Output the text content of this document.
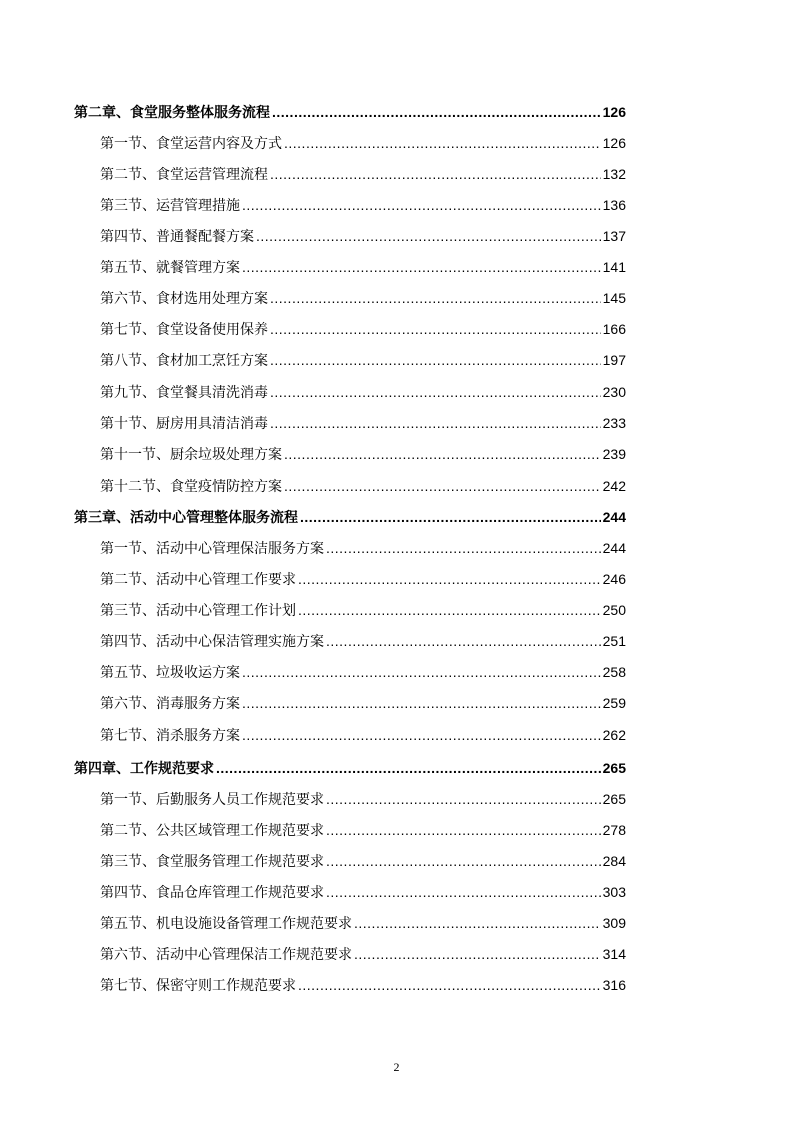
第二章、食堂服务整体服务流程 .....	126
第一节、食堂运营内容及方式 .....	126
第二节、食堂运营管理流程 .....	132
第三节、运营管理措施 .....	136
第四节、普通餐配餐方案 .....	137
第五节、就餐管理方案 .....	141
第六节、食材选用处理方案 .....	145
第七节、食堂设备使用保养 .....	166
第八节、食材加工烹饪方案 .....	197
第九节、食堂餐具清洗消毒 .....	230
第十节、厨房用具清洁消毒 .....	233
第十一节、厨余垃圾处理方案 .....	239
第十二节、食堂疫情防控方案 .....	242
第三章、活动中心管理整体服务流程 .....	244
第一节、活动中心管理保洁服务方案 .....	244
第二节、活动中心管理工作要求 .....	246
第三节、活动中心管理工作计划 .....	250
第四节、活动中心保洁管理实施方案 .....	251
第五节、垃圾收运方案 .....	258
第六节、消毒服务方案 .....	259
第七节、消杀服务方案 .....	262
第四章、工作规范要求 .....	265
第一节、后勤服务人员工作规范要求 .....	265
第二节、公共区域管理工作规范要求 .....	278
第三节、食堂服务管理工作规范要求 .....	284
第四节、食品仓库管理工作规范要求 .....	303
第五节、机电设施设备管理工作规范要求 .....	309
第六节、活动中心管理保洁工作规范要求 .....	314
第七节、保密守则工作规范要求 .....	316
2
